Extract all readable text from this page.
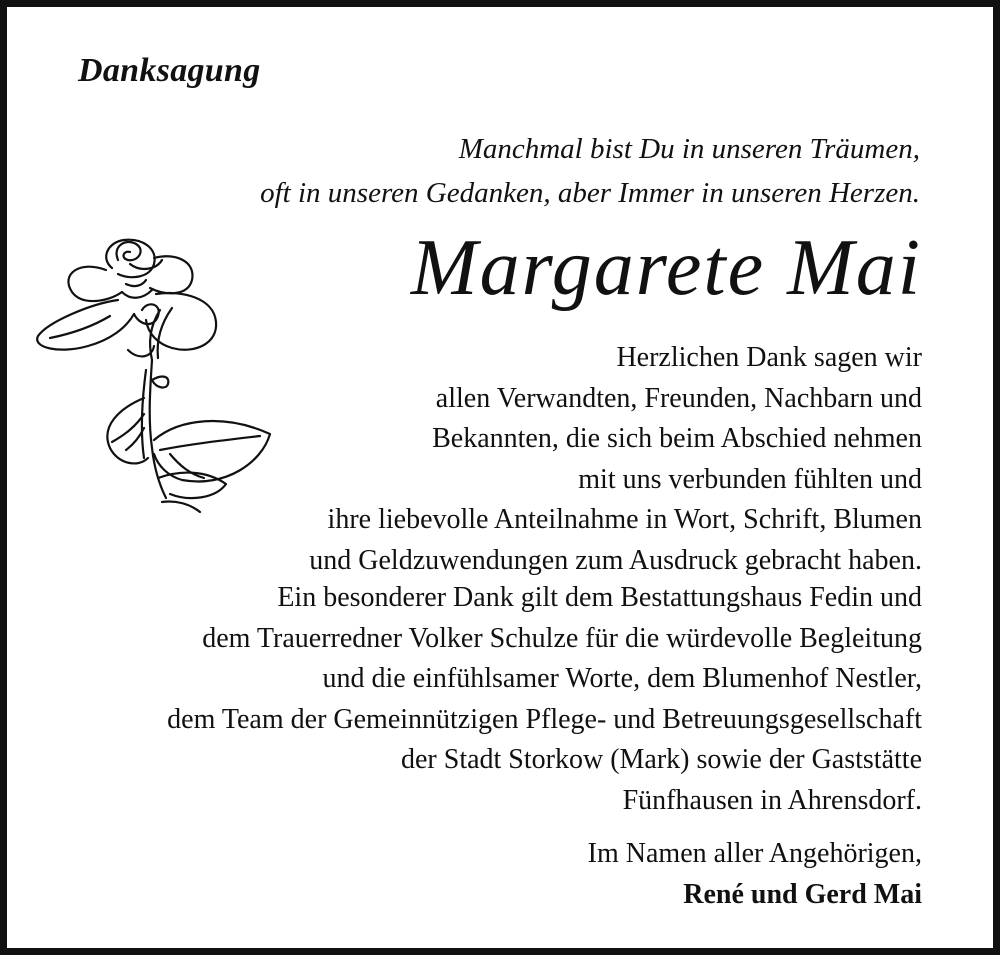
Danksagung
Manchmal bist Du in unseren Träumen,
oft in unseren Gedanken, aber Immer in unseren Herzen.
Margarete Mai
Herzlichen Dank sagen wir
allen Verwandten, Freunden, Nachbarn und
Bekannten, die sich beim Abschied nehmen
mit uns verbunden fühlten und
ihre liebevolle Anteilnahme in Wort, Schrift, Blumen
und Geldzuwendungen zum Ausdruck gebracht haben.
Ein besonderer Dank gilt dem Bestattungshaus Fedin und
dem Trauerredner Volker Schulze für die würdevolle Begleitung
und die einfühlsamer Worte, dem Blumenhof Nestler,
dem Team der Gemeinnützigen Pflege- und Betreuungsgesellschaft
der Stadt Storkow (Mark) sowie der Gaststätte
Fünfhausen in Ahrensdorf.
Im Namen aller Angehörigen,
René und Gerd Mai
